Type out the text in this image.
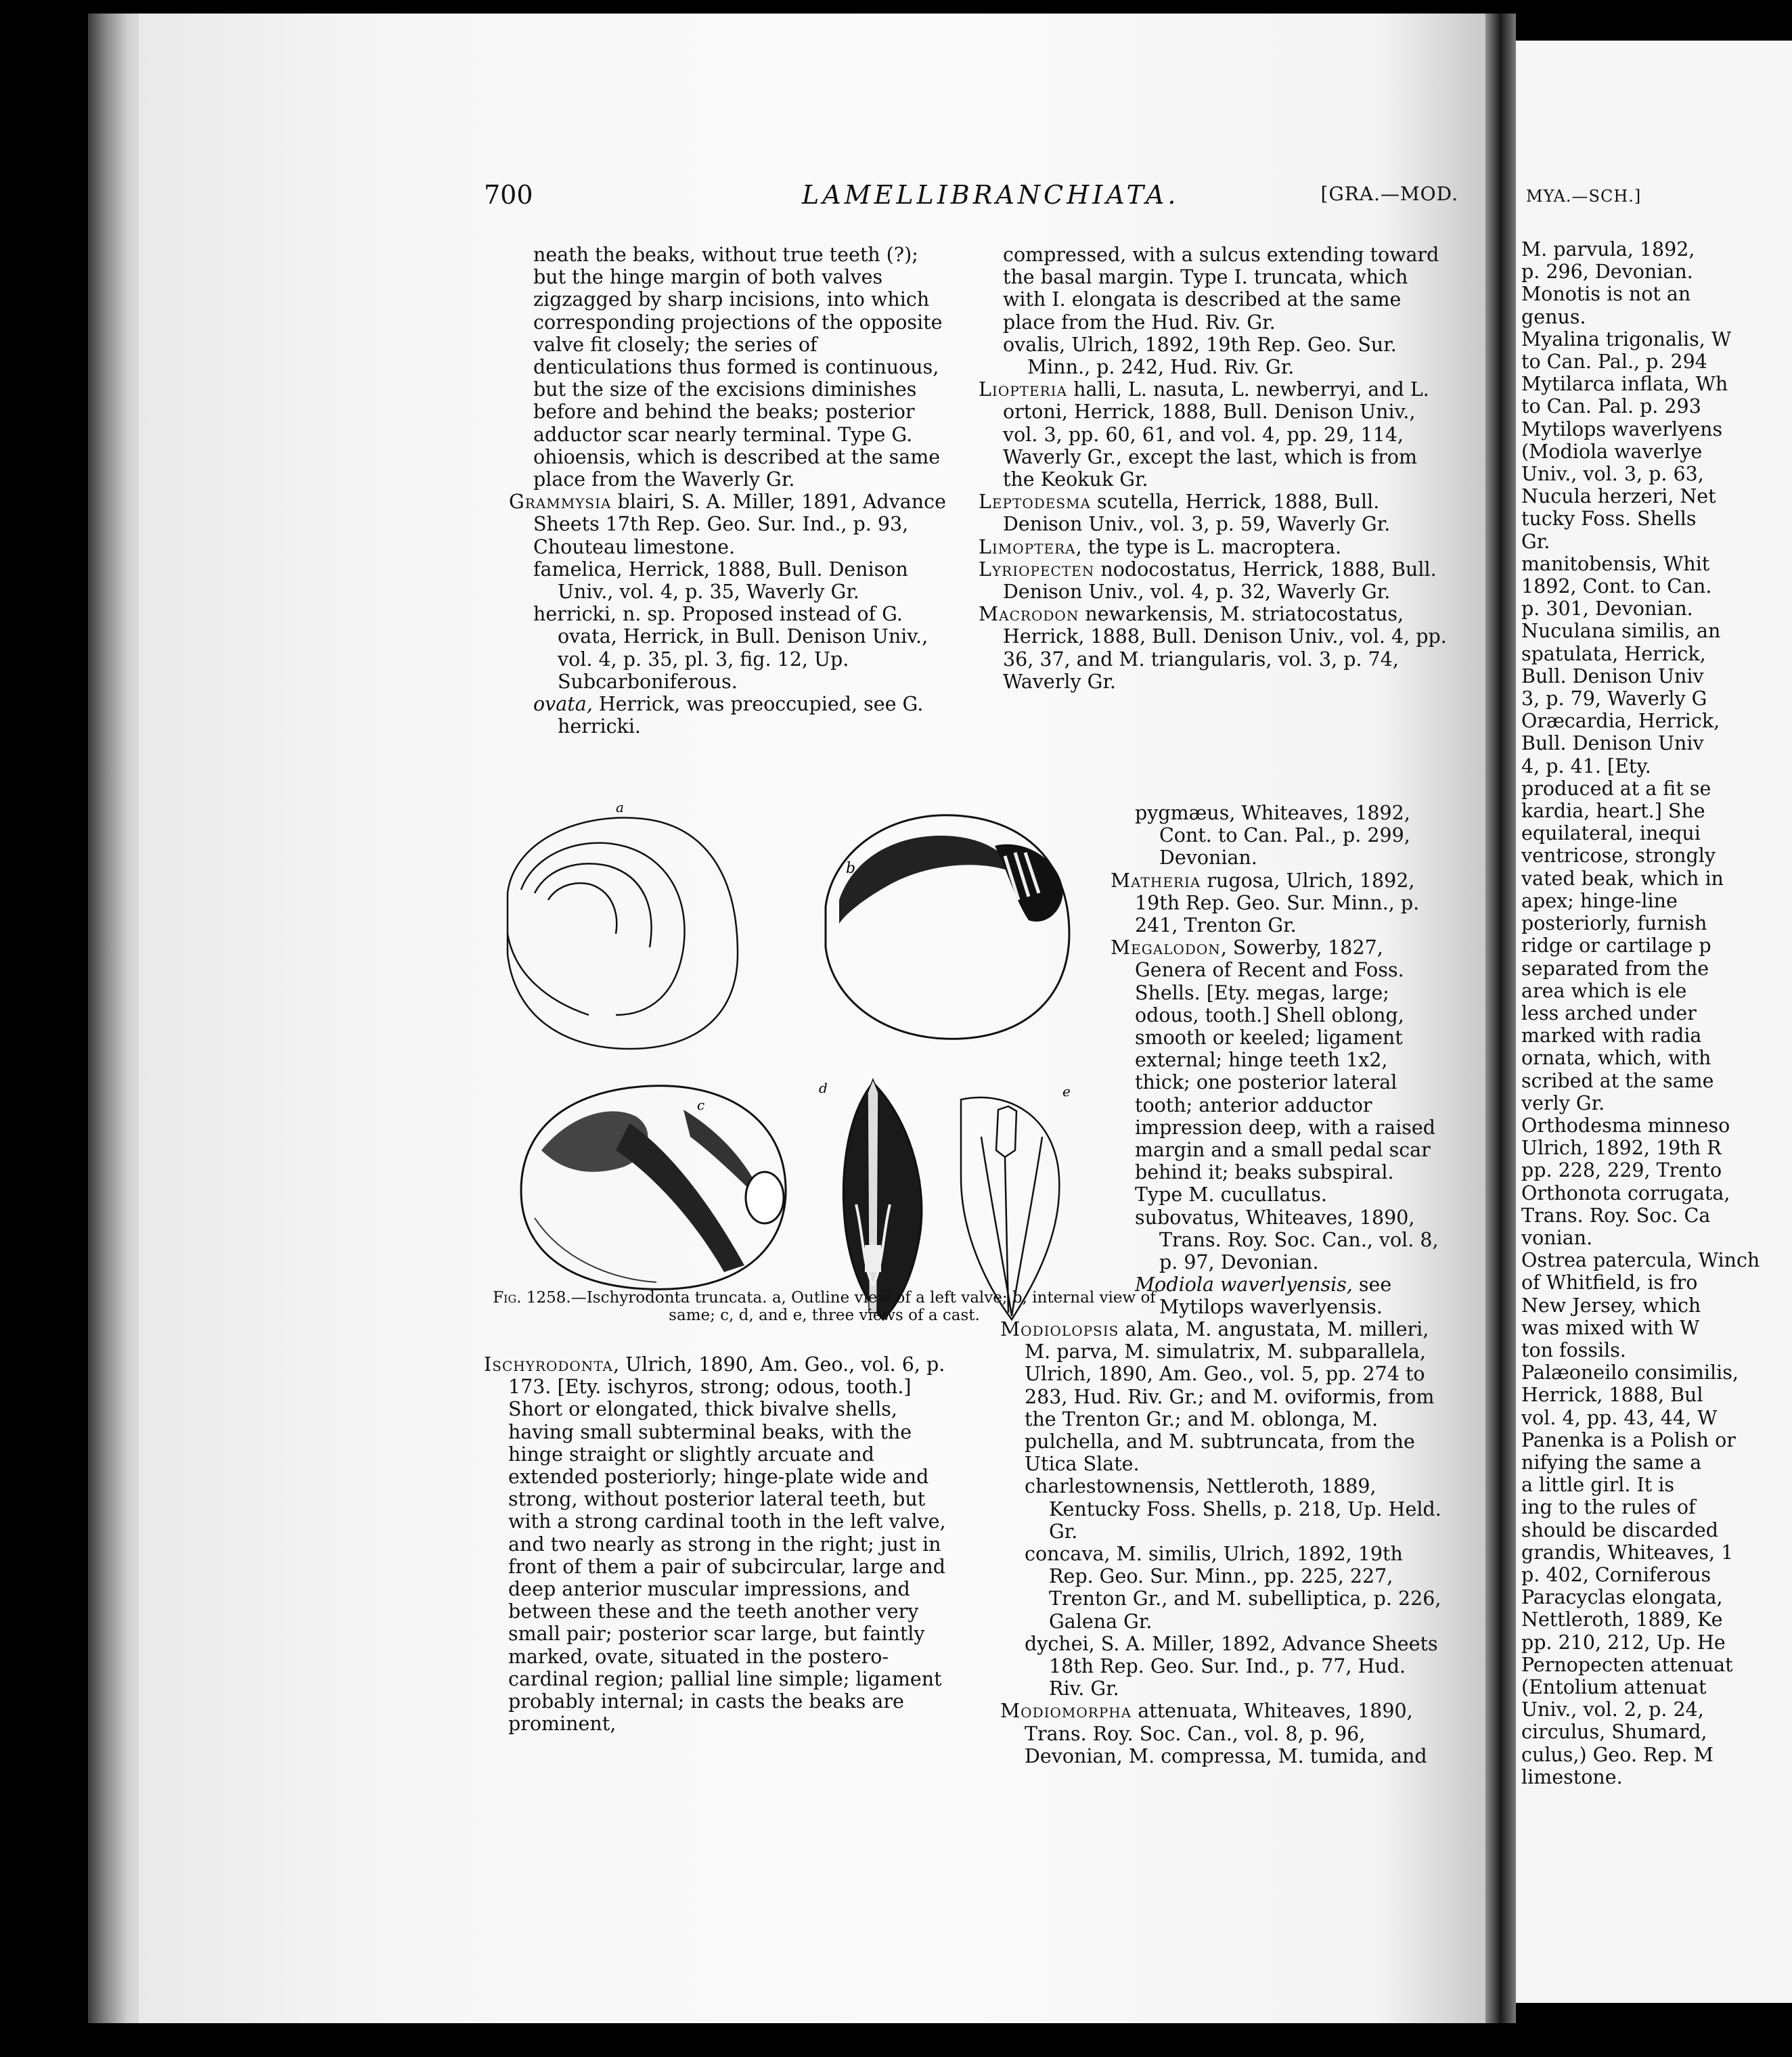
M. parvula, 1892,
p. 296, Devonian.
Monotis is not an
genus.
Myalina trigonalis, W
to Can. Pal., p. 294
Mytilarca inflata, Wh
to Can. Pal. p. 293
Mytilops waverlyens
(Modiola waverlye
Univ., vol. 3, p. 63,
Nucula herzeri, Net
tucky Foss. Shells
Gr.
manitobensis, Whit
1892, Cont. to Can.
p. 301, Devonian.
Nuculana similis, an
spatulata, Herrick,
Bull. Denison Univ
3, p. 79, Waverly G
Oræcardia, Herrick,
Bull. Denison Univ
4, p. 41. [Ety.
produced at a fit se
kardia, heart.] She
equilateral, inequi
ventricose, strongly
vated beak, which in
apex; hinge-line
posteriorly, furnish
ridge or cartilage p
separated from the
area which is ele
less arched under
marked with radia
ornata, which, with
scribed at the same
verly Gr.
Orthodesma minneso
Ulrich, 1892, 19th R
pp. 228, 229, Trento
Orthonota corrugata,
Trans. Roy. Soc. Ca
vonian.
Ostrea patercula, Winch
of Whitfield, is fro
New Jersey, which
was mixed with W
ton fossils.
Palæoneilo consimilis,
Herrick, 1888, Bul
vol. 4, pp. 43, 44, W
Panenka is a Polish or
nifying the same a
a little girl. It is
ing to the rules of
should be discarded
grandis, Whiteaves, 1
p. 402, Corniferous
Paracyclas elongata,
Nettleroth, 1889, Ke
pp. 210, 212, Up. He
Pernopecten attenuat
(Entolium attenuat
Univ., vol. 2, p. 24,
circulus, Shumard,
culus,) Geo. Rep. M
limestone.
700	LAMELLIBRANCHIATA.	[GRA.—MOD.	MYA.—SCH.]

neath the beaks, without true teeth (?); but the hinge margin of both valves zigzagged by sharp incisions, into which corresponding projections of the opposite valve fit closely; the series of denticulations thus formed is continuous, but the size of the excisions diminishes before and behind the beaks; posterior adductor scar nearly terminal. Type G. ohioensis, which is described at the same place from the Waverly Gr.

Grammysia blairi, S. A. Miller, 1891, Advance Sheets 17th Rep. Geo. Sur. Ind., p. 93, Chouteau limestone.

famelica, Herrick, 1888, Bull. Denison Univ., vol. 4, p. 35, Waverly Gr.

herricki, n. sp. Proposed instead of G. ovata, Herrick, in Bull. Denison Univ., vol. 4, p. 35, pl. 3, fig. 12, Up. Subcarboniferous.

ovata, Herrick, was preoccupied, see G. herricki.

compressed, with a sulcus extending toward the basal margin. Type I. truncata, which with I. elongata is described at the same place from the Hud. Riv. Gr.

ovalis, Ulrich, 1892, 19th Rep. Geo. Sur. Minn., p. 242, Hud. Riv. Gr.

Liopteria halli, L. nasuta, L. newberryi, and L. ortoni, Herrick, 1888, Bull. Denison Univ., vol. 3, pp. 60, 61, and vol. 4, pp. 29, 114, Waverly Gr., except the last, which is from the Keokuk Gr.

Leptodesma scutella, Herrick, 1888, Bull. Denison Univ., vol. 3, p. 59, Waverly Gr.

Limoptera, the type is L. macroptera.

Lyriopecten nodocostatus, Herrick, 1888, Bull. Denison Univ., vol. 4, p. 32, Waverly Gr.

Macrodon newarkensis, M. striatocostatus, Herrick, 1888, Bull. Denison Univ., vol. 4, pp. 36, 37, and M. triangularis, vol. 3, p. 74, Waverly Gr.

pygmæus, Whiteaves, 1892, Cont. to Can. Pal., p. 299, Devonian.

Matheria rugosa, Ulrich, 1892, 19th Rep. Geo. Sur. Minn., p. 241, Trenton Gr.

Megalodon, Sowerby, 1827, Genera of Recent and Foss. Shells. [Ety. megas, large; odous, tooth.] Shell oblong, smooth or keeled; ligament external; hinge teeth 1x2, thick; one posterior lateral tooth; anterior adductor impression deep, with a raised margin and a small pedal scar behind it; beaks subspiral. Type M. cucullatus.

subovatus, Whiteaves, 1890, Trans. Roy. Soc. Can., vol. 8, p. 97, Devonian.

Modiola waverlyensis, see Mytilops waverlyensis.

Ischyrodonta, Ulrich, 1890, Am. Geo., vol. 6, p. 173. [Ety. ischyros, strong; odous, tooth.] Short or elongated, thick bivalve shells, having small subterminal beaks, with the hinge straight or slightly arcuate and extended posteriorly; hinge-plate wide and strong, without posterior lateral teeth, but with a strong cardinal tooth in the left valve, and two nearly as strong in the right; just in front of them a pair of subcircular, large and deep anterior muscular impressions, and between these and the teeth another very small pair; posterior scar large, but faintly marked, ovate, situated in the postero-cardinal region; pallial line simple; ligament probably internal; in casts the beaks are prominent,

Modiolopsis alata, M. angustata, M. milleri, M. parva, M. simulatrix, M. subparallela, Ulrich, 1890, Am. Geo., vol. 5, pp. 274 to 283, Hud. Riv. Gr.; and M. oviformis, from the Trenton Gr.; and M. oblonga, M. pulchella, and M. subtruncata, from the Utica Slate.

charlestownensis, Nettleroth, 1889, Kentucky Foss. Shells, p. 218, Up. Held. Gr.

concava, M. similis, Ulrich, 1892, 19th Rep. Geo. Sur. Minn., pp. 225, 227, Trenton Gr., and M. subelliptica, p. 226, Galena Gr.

dychei, S. A. Miller, 1892, Advance Sheets 18th Rep. Geo. Sur. Ind., p. 77, Hud. Riv. Gr.

Modiomorpha attenuata, Whiteaves, 1890, Trans. Roy. Soc. Can., vol. 8, p. 96, Devonian, M. compressa, M. tumida, and

a
b
c
d	e
Fig. 1258.—Ischyrodonta truncata. a, Outline view of a left valve; b, internal view of same; c, d, and e, three views of a cast.
